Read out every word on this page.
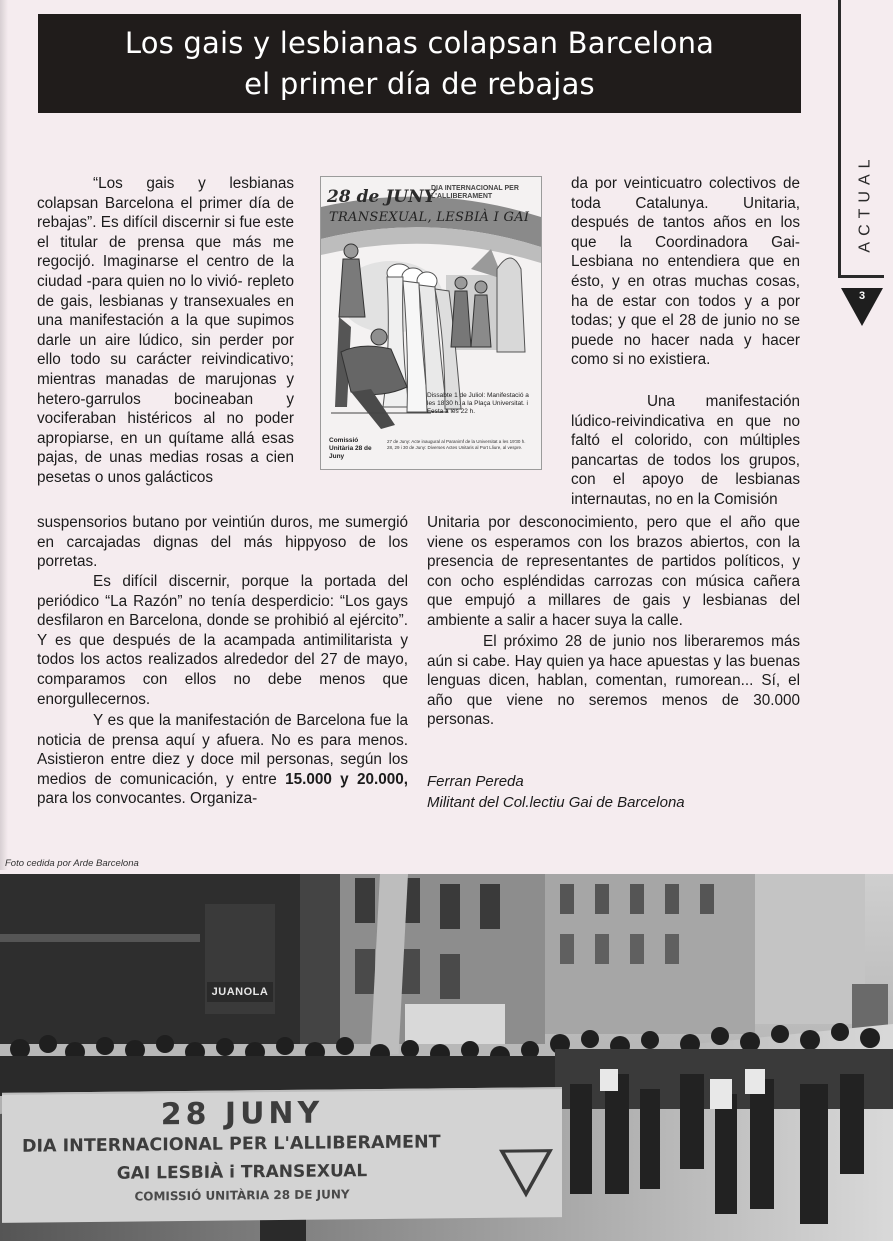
Los gais y lesbianas colapsan Barcelona
el primer día de rebajas
ACTUAL
3

“Los gais y lesbianas colapsan Barcelona el primer día de rebajas”. Es difícil discernir si fue este el titular de prensa que más me regocijó. Imaginarse el centro de la ciudad -para quien no lo vivió- repleto de gais, lesbianas y transexuales en una manifestación a la que supimos darle un aire lúdico, sin perder por ello todo su carácter reivindicativo; mientras manadas de marujonas y hetero-garrulos bocineaban y vociferaban histéricos al no poder apropiarse, en un quítame allá esas pajas, de unas medias rosas a cien pesetas o unos galácticos

suspensorios butano por veintiún duros, me sumergió en carcajadas dignas del más hippyoso de los porretas.

Es difícil discernir, porque la portada del periódico “La Razón” no tenía desperdicio: “Los gays desfilaron en Barcelona, donde se prohibió al ejército”. Y es que después de la acampada antimilitarista y todos los actos realizados alrededor del 27 de mayo, comparamos con ellos no debe menos que enorgullecernos.

Y es que la manifestación de Barcelona fue la noticia de prensa aquí y afuera. No es para menos. Asistieron entre diez y doce mil personas, según los medios de comunicación, y entre 15.000 y 20.000, para los convocantes. Organiza-

da por veinticuatro colectivos de toda Catalunya. Unitaria, después de tantos años en los que la Coordinadora Gai-Lesbiana no entendiera que en ésto, y en otras muchas cosas, ha de estar con todos y a por todas; y que el 28 de junio no se puede no hacer nada y hacer como si no existiera.

Una manifestación lúdico-reivindicativa en que no faltó el colorido, con múltiples pancartas de todos los grupos, con el apoyo de lesbianas internautas, no en la Comisión

Unitaria por desconocimiento, pero que el año que viene os esperamos con los brazos abiertos, con la presencia de representantes de partidos políticos, y con ocho espléndidas carrozas con música cañera que empujó a millares de gais y lesbianas del ambiente a salir a hacer suya la calle.

El próximo 28 de junio nos liberaremos más aún si cabe. Hay quien ya hace apuestas y las buenas lenguas dicen, hablan, comentan, rumorean... Sí, el año que viene no seremos menos de 30.000 personas.

Ferran Pereda

Militant del Col.lectiu Gai de Barcelona

28 de JUNY
DIA INTERNACIONAL PER L'ALLIBERAMENT
TRANSEXUAL, LESBIÀ I GAI
Dissabte 1 de Juliol: Manifestació a les 18'30 h. a la Plaça Universitat. i Festa a les 22 h.
Comissió Unitària 28 de Juny
27 de Juny: Acte inaugural al Paranimf de la Universitat a les 19'30 h.
28, 29 i 30 de Juny: Diverses Actes Unitaris al Port Lliure, al vespre.
Foto cedida por Arde Barcelona
JUANOLA
28 JUNY
DIA INTERNACIONAL PER L'ALLIBERAMENT
GAI LESBIÀ i TRANSEXUAL
COMISSIÓ UNITÀRIA 28 DE JUNY
